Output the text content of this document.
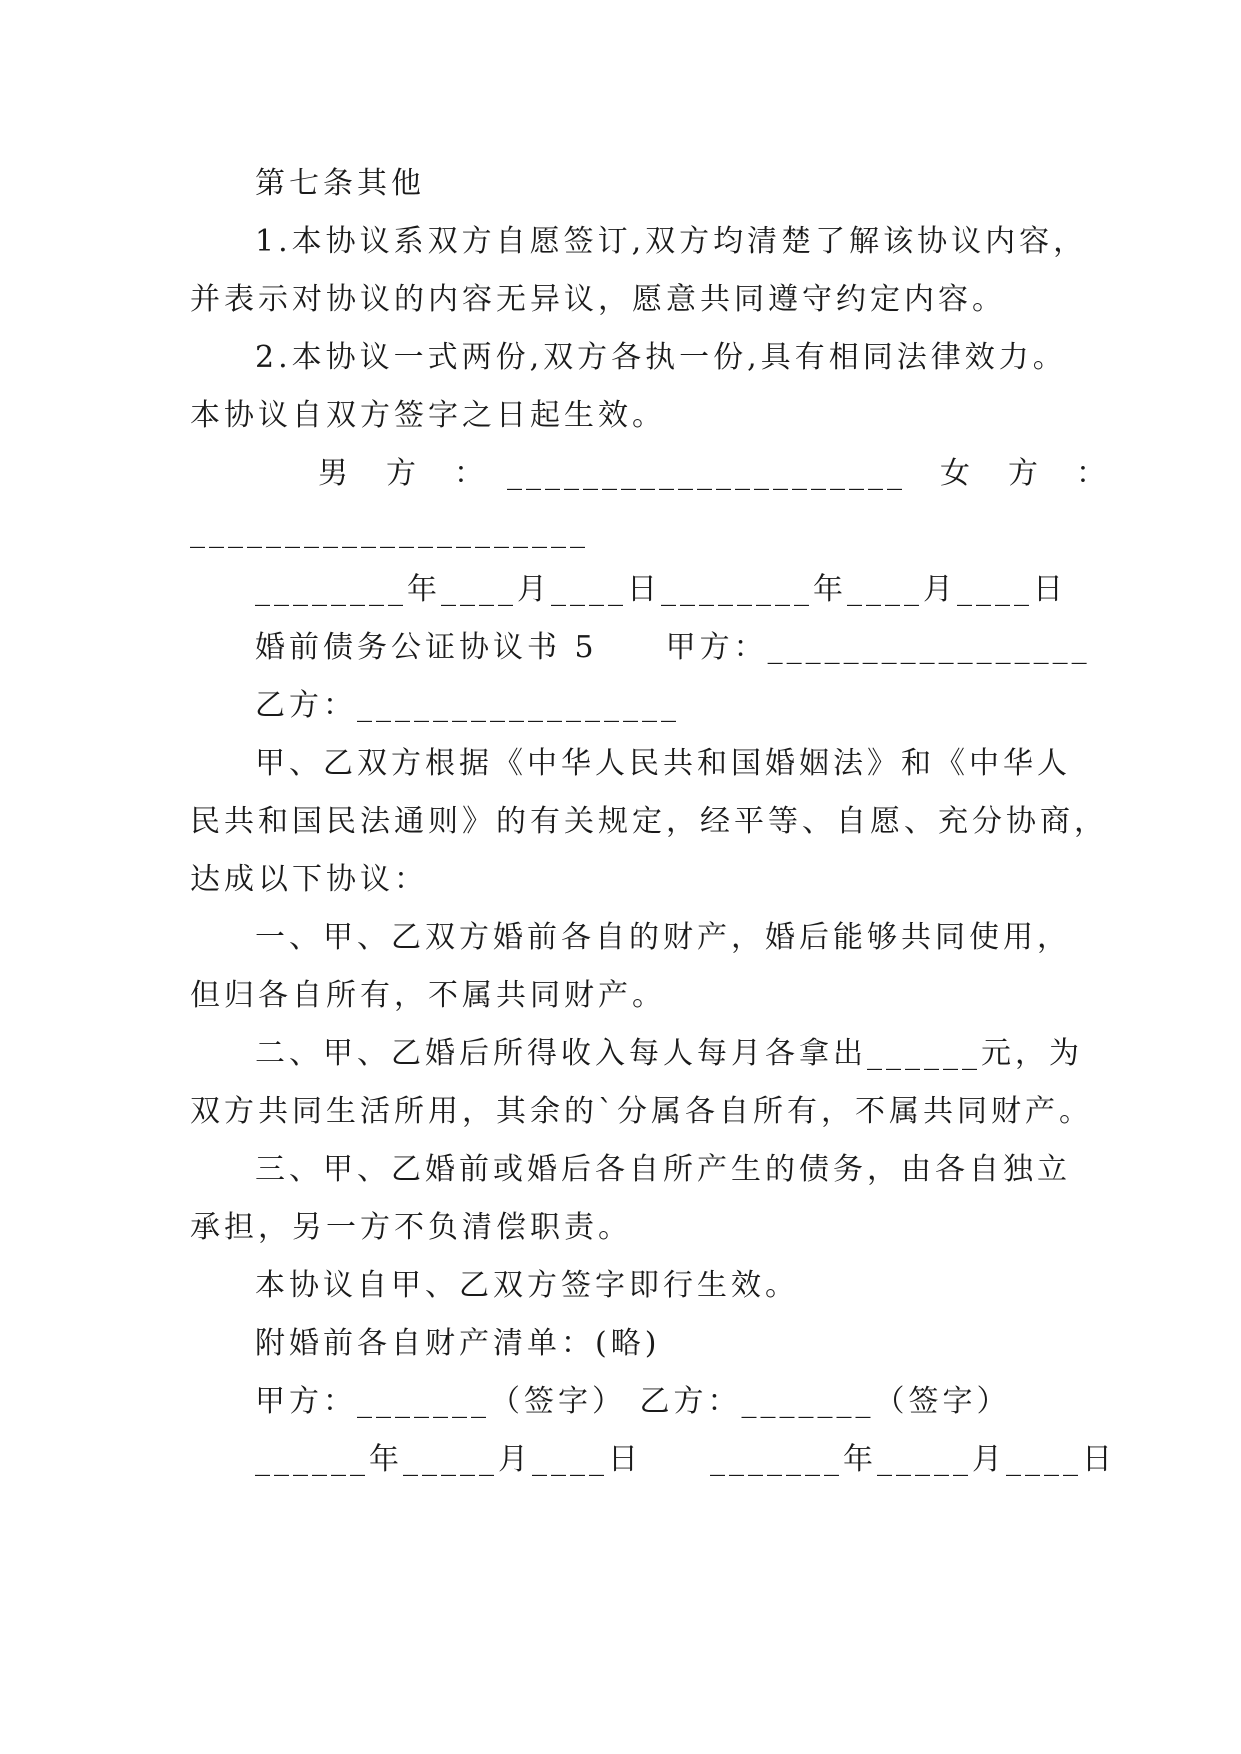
第七条其他
1.本协议系双方自愿签订,双方均清楚了解该协议内容，
并表示对协议的内容无异议，愿意共同遵守约定内容。
2.本协议一式两份,双方各执一份,具有相同法律效力。
本协议自双方签字之日起生效。
男　方　：　_____________________　女　方　：
_____________________
________年____月____日________年____月____日
婚前债务公证协议书 5　　甲方：_________________
乙方：_________________
甲、乙双方根据《中华人民共和国婚姻法》和《中华人
民共和国民法通则》的有关规定，经平等、自愿、充分协商，
达成以下协议：
一、甲、乙双方婚前各自的财产，婚后能够共同使用，
但归各自所有，不属共同财产。
二、甲、乙婚后所得收入每人每月各拿出______元，为
双方共同生活所用，其余的`分属各自所有，不属共同财产。
三、甲、乙婚前或婚后各自所产生的债务，由各自独立
承担，另一方不负清偿职责。
本协议自甲、乙双方签字即行生效。
附婚前各自财产清单：(略)
甲方：_______（签字） 乙方：_______（签字）
______年_____月____日　　_______年_____月____日
